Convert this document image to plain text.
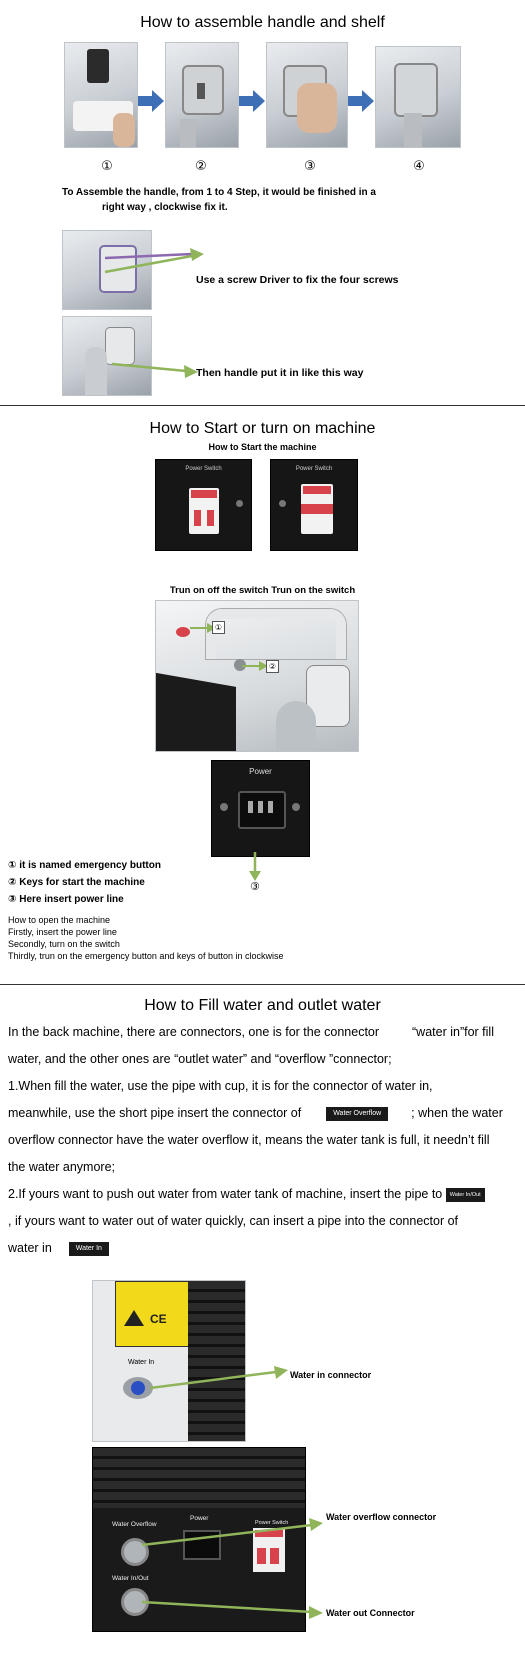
How to assemble handle and shelf
①	②	③	④
To Assemble the handle, from 1 to 4 Step, it would be finished in a
right way , clockwise fix it.
Use a screw Driver to fix the four screws
Then handle put it in like this way
How to Start or turn on machine
How to Start the machine
Power Switch	Power Switch
Trun on off the switch Trun on the switch
①
②
Power
③
① it is named emergency button
② Keys for start the machine
③ Here insert power line
How to open the machine
Firstly, insert the power line
Secondly, turn on the switch
Thirdly, trun on the emergency button and keys of button in clockwise
How to Fill water and outlet water
In the back machine, there are connectors, one is for the connector	“water in”for fill
water, and the other ones are “outlet water” and “overflow ”connector;
1.When fill the water, use the pipe with cup, it is for the connector of water in,
meanwhile, use the short pipe insert the connector of	Water Overflow ; when the water
overflow connector have the water overflow it, means the water tank is full, it needn’t fill
the water anymore;
2.If yours want to push out water from water tank of machine, insert the pipe to Water In/Out
, if yours want to water out of water quickly, can insert a pipe into the connector of
water in	Water In
CE
Water In
Water in connector
Water Overflow
Power
Power Switch
Water In/Out
Water overflow connector
Water out Connector
